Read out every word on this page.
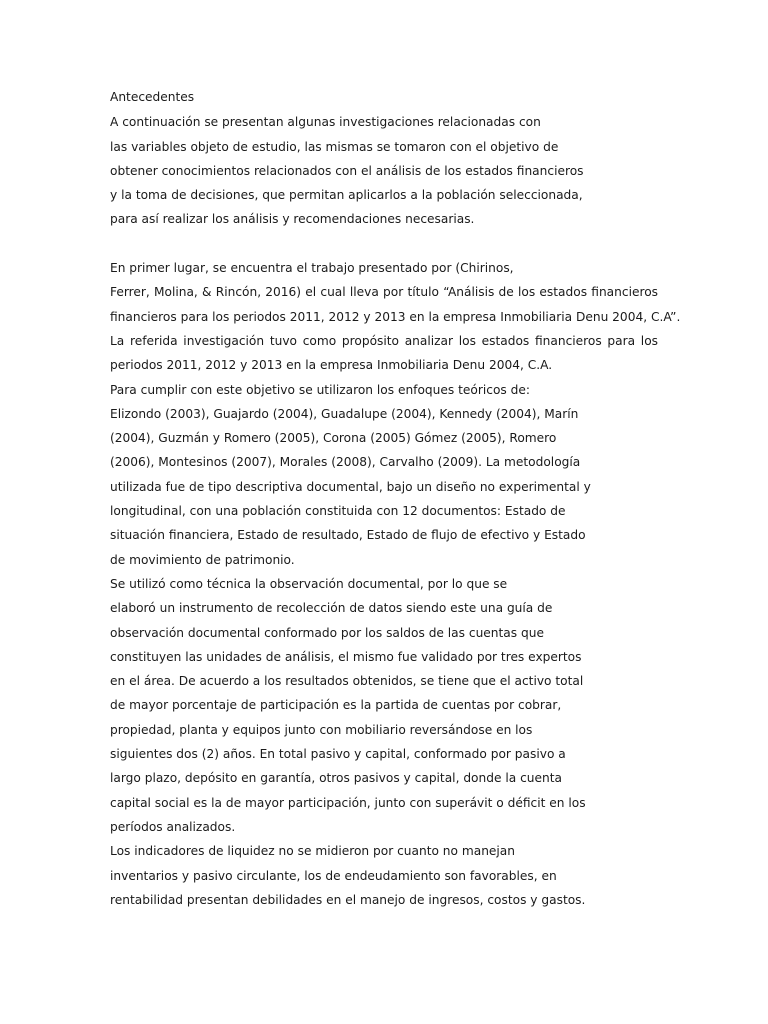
Antecedentes
A continuación se presentan algunas investigaciones relacionadas con
las variables objeto de estudio, las mismas se tomaron con el objetivo de
obtener conocimientos relacionados con el análisis de los estados financieros
y la toma de decisiones, que permitan aplicarlos a la población seleccionada,
para así realizar los análisis y recomendaciones necesarias.
En primer lugar, se encuentra el trabajo presentado por (Chirinos,
Ferrer, Molina, & Rincón, 2016) el cual lleva por título “Análisis de los estados financieros
financieros para los periodos 2011, 2012 y 2013 en la empresa Inmobiliaria Denu 2004, C.A”.
La referida investigación tuvo como propósito analizar los estados financieros para los
periodos 2011, 2012 y 2013 en la empresa Inmobiliaria Denu 2004, C.A.
Para cumplir con este objetivo se utilizaron los enfoques teóricos de:
Elizondo (2003), Guajardo (2004), Guadalupe (2004), Kennedy (2004), Marín
(2004), Guzmán y Romero (2005), Corona (2005) Gómez (2005), Romero
(2006), Montesinos (2007), Morales (2008), Carvalho (2009). La metodología
utilizada fue de tipo descriptiva documental, bajo un diseño no experimental y
longitudinal, con una población constituida con 12 documentos: Estado de
situación financiera, Estado de resultado, Estado de flujo de efectivo y Estado
de movimiento de patrimonio.
Se utilizó como técnica la observación documental, por lo que se
elaboró un instrumento de recolección de datos siendo este una guía de
observación documental conformado por los saldos de las cuentas que
constituyen las unidades de análisis, el mismo fue validado por tres expertos
en el área. De acuerdo a los resultados obtenidos, se tiene que el activo total
de mayor porcentaje de participación es la partida de cuentas por cobrar,
propiedad, planta y equipos junto con mobiliario reversándose en los
siguientes dos (2) años. En total pasivo y capital, conformado por pasivo a
largo plazo, depósito en garantía, otros pasivos y capital, donde la cuenta
capital social es la de mayor participación, junto con superávit o déficit en los
períodos analizados.
Los indicadores de liquidez no se midieron por cuanto no manejan
inventarios y pasivo circulante, los de endeudamiento son favorables, en
rentabilidad presentan debilidades en el manejo de ingresos, costos y gastos.
